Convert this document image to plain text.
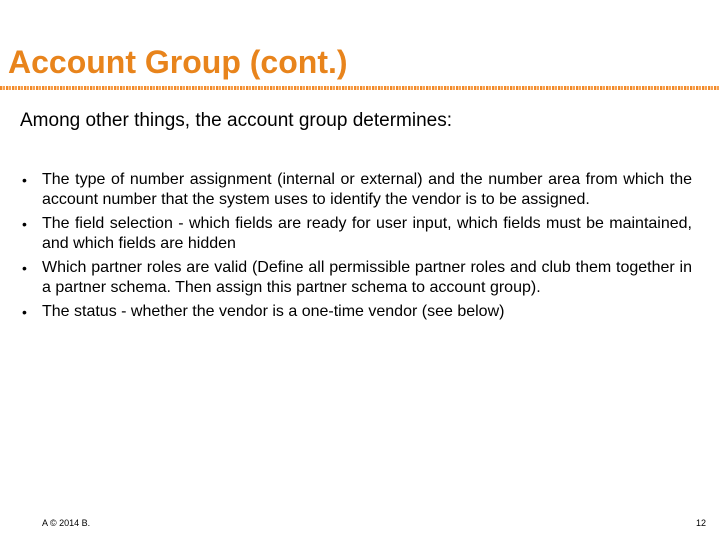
Account Group (cont.)
Among other things, the account group determines:
• The type of number assignment (internal or external) and the number area from which the account number that the system uses to identify the vendor is to be assigned.
• The field selection - which fields are ready for user input, which fields must be maintained, and which fields are hidden
• Which partner roles are valid (Define all permissible partner roles and club them together in a partner schema. Then assign this partner schema to account group).
• The status - whether the vendor is a one-time vendor (see below)
A © 2014 B.	12
